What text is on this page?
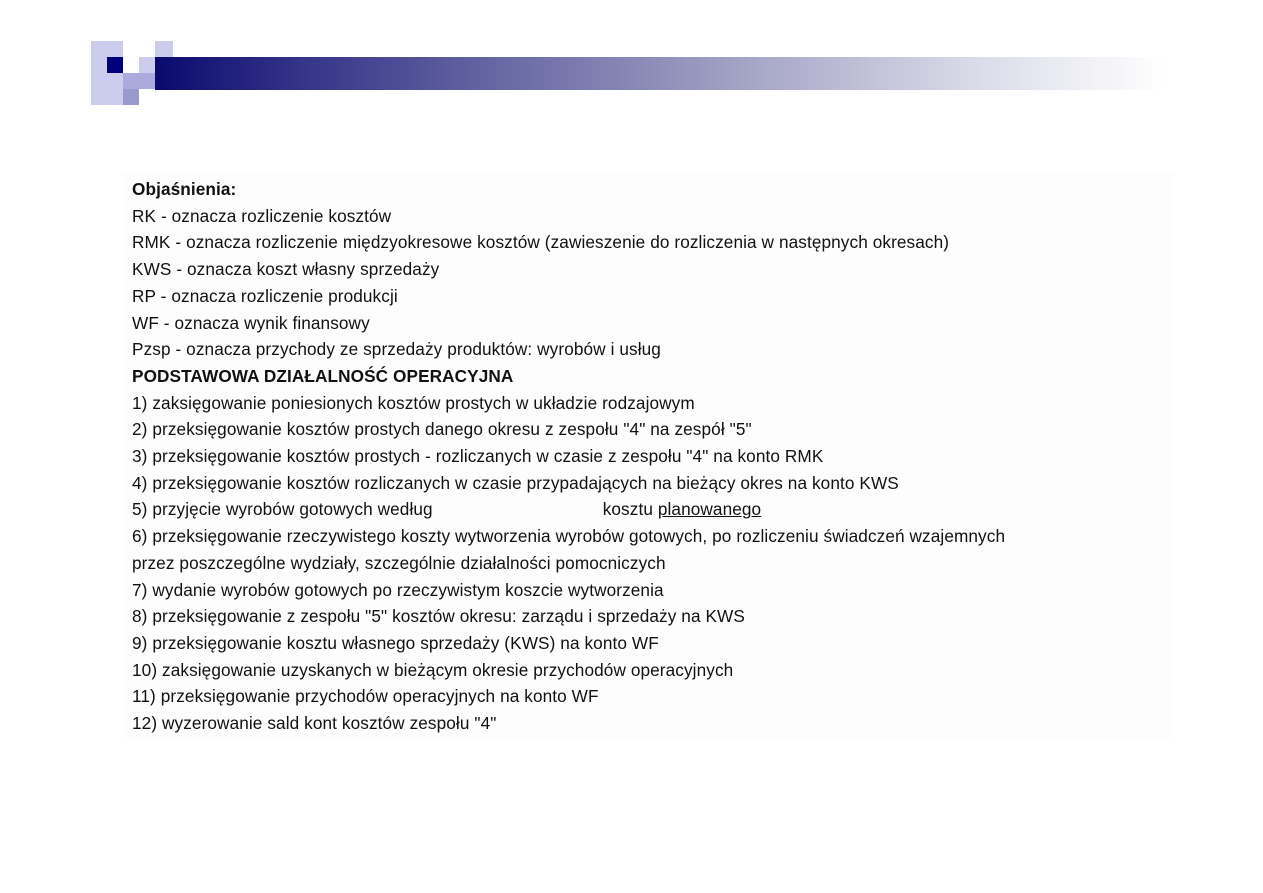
Objaśnienia:
RK - oznacza rozliczenie kosztów
RMK - oznacza rozliczenie międzyokresowe kosztów (zawieszenie do rozliczenia w następnych okresach)
KWS - oznacza koszt własny sprzedaży
RP - oznacza rozliczenie produkcji
WF - oznacza wynik finansowy
Pzsp - oznacza przychody ze sprzedaży produktów: wyrobów i usług
PODSTAWOWA DZIAŁALNOŚĆ OPERACYJNA
1) zaksięgowanie poniesionych kosztów prostych w układzie rodzajowym
2) przeksięgowanie kosztów prostych danego okresu z zespołu "4" na zespół "5"
3) przeksięgowanie kosztów prostych - rozliczanych w czasie z zespołu "4" na konto RMK
4) przeksięgowanie kosztów rozliczanych w czasie przypadających na bieżący okres na konto KWS
5) przyjęcie wyrobów gotowych według	kosztu planowanego
6) przeksięgowanie rzeczywistego koszty wytworzenia wyrobów gotowych, po rozliczeniu świadczeń wzajemnych
przez poszczególne wydziały, szczególnie działalności pomocniczych
7) wydanie wyrobów gotowych po rzeczywistym koszcie wytworzenia
8) przeksięgowanie z zespołu "5" kosztów okresu: zarządu i sprzedaży na KWS
9) przeksięgowanie kosztu własnego sprzedaży (KWS) na konto WF
10) zaksięgowanie uzyskanych w bieżącym okresie przychodów operacyjnych
11) przeksięgowanie przychodów operacyjnych na konto WF
12) wyzerowanie sald kont kosztów zespołu "4"
